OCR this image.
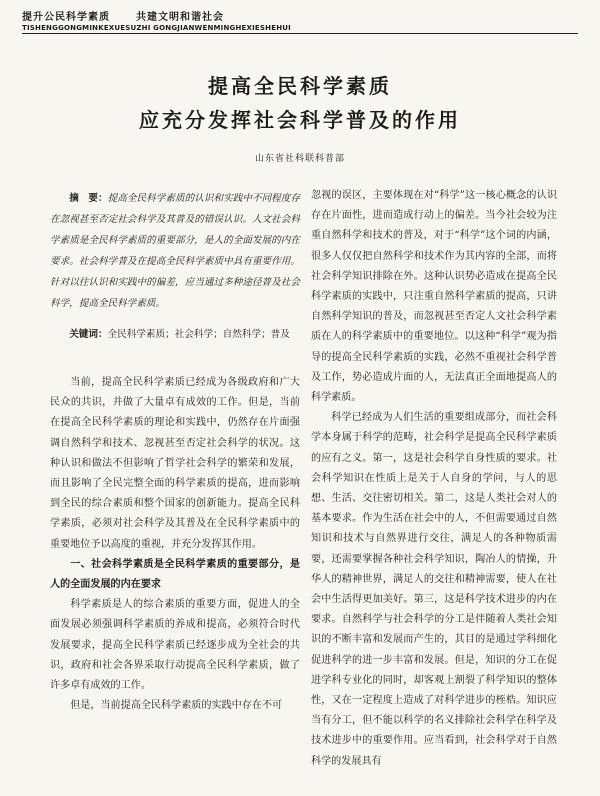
提升公民科学素质	共建文明和谐社会
TISHENGGONGMINKEXUESUZHI GONGJIANWENMINGHEXIESHEHUI
提高全民科学素质
应充分发挥社会科学普及的作用
山东省社科联科普部

摘　要：提高全民科学素质的认识和实践中不同程度存在忽视甚至否定社会科学及其普及的错误认识。人文社会科学素质是全民科学素质的重要部分，是人的全面发展的内在要求。社会科学普及在提高全民科学素质中具有重要作用。针对以往认识和实践中的偏差，应当通过多种途径普及社会科学，提高全民科学素质。

关键词：全民科学素质；社会科学；自然科学；普及

当前，提高全民科学素质已经成为各级政府和广大民众的共识，并做了大量卓有成效的工作。但是，当前在提高全民科学素质的理论和实践中，仍然存在片面强调自然科学和技术、忽视甚至否定社会科学的状况。这种认识和做法不但影响了哲学社会科学的繁荣和发展，而且影响了全民完整全面的科学素质的提高，进而影响到全民的综合素质和整个国家的创新能力。提高全民科学素质，必须对社会科学及其普及在全民科学素质中的重要地位予以高度的重视，并充分发挥其作用。

一、社会科学素质是全民科学素质的重要部分，是人的全面发展的内在要求

科学素质是人的综合素质的重要方面，促进人的全面发展必须强调科学素质的养成和提高，必须符合时代发展要求，提高全民科学素质已经逐步成为全社会的共识，政府和社会各界采取行动提高全民科学素质，做了许多卓有成效的工作。

但是，当前提高全民科学素质的实践中存在不可

忽视的误区，主要体现在对“科学”这一核心概念的认识存在片面性，进而造成行动上的偏差。当今社会较为注重自然科学和技术的普及，对于“科学”这个词的内涵，很多人仅仅把自然科学和技术作为其内容的全部，而将社会科学知识排除在外。这种认识势必造成在提高全民科学素质的实践中，只注重自然科学素质的提高，只讲自然科学知识的普及，而忽视甚至否定人文社会科学素质在人的科学素质中的重要地位。以这种“科学”观为指导的提高全民科学素质的实践，必然不重视社会科学普及工作，势必造成片面的人，无法真正全面地提高人的科学素质。

科学已经成为人们生活的重要组成部分，而社会科学本身属于科学的范畴，社会科学是提高全民科学素质的应有之义。第一，这是社会科学自身性质的要求。社会科学知识在性质上是关于人自身的学问，与人的思想、生活、交往密切相关。第二，这是人类社会对人的基本要求。作为生活在社会中的人，不但需要通过自然知识和技术与自然界进行交往，满足人的各种物质需要，还需要掌握各种社会科学知识，陶冶人的情操，升华人的精神世界，满足人的交往和精神需要，使人在社会中生活得更加美好。第三，这是科学技术进步的内在要求。自然科学与社会科学的分工是伴随着人类社会知识的不断丰富和发展而产生的，其目的是通过学科细化促进科学的进一步丰富和发展。但是，知识的分工在促进学科专业化的同时，却客观上割裂了科学知识的整体性，又在一定程度上造成了对科学进步的桎梏。知识应当有分工，但不能以科学的名义排除社会科学在科学及技术进步中的重要作用。应当看到，社会科学对于自然科学的发展具有
